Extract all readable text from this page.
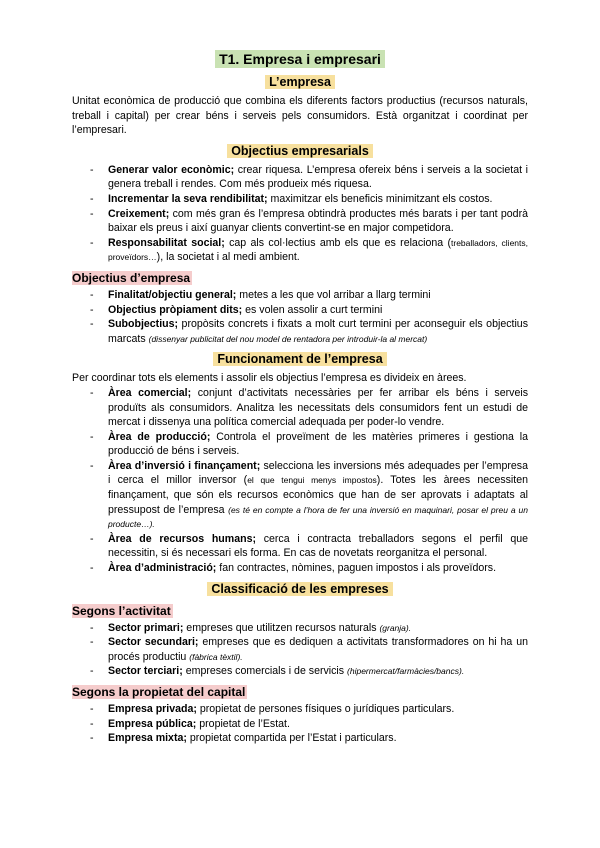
T1. Empresa i empresari
L’empresa

Unitat econòmica de producció que combina els diferents factors productius (recursos naturals, treball i capital) per crear béns i serveis pels consumidors. Està organitzat i coordinat per l’empresari.

Objectius empresarials
- Generar valor econòmic; crear riquesa. L’empresa ofereix béns i serveis a la societat i genera treball i rendes. Com més produeix més riquesa.
- Incrementar la seva rendibilitat; maximitzar els beneficis minimitzant els costos.
- Creixement; com més gran és l’empresa obtindrà productes més barats i per tant podrà baixar els preus i així guanyar clients convertint-se en major competidora.
- Responsabilitat social; cap als col·lectius amb els que es relaciona (treballadors, clients, proveïdors…), la societat i al medi ambient.
Objectius d’empresa
- Finalitat/objectiu general; metes a les que vol arribar a llarg termini
- Objectius pròpiament dits; es volen assolir a curt termini
- Subobjectius; propòsits concrets i fixats a molt curt termini per aconseguir els objectius marcats (dissenyar publicitat del nou model de rentadora per introduir-la al mercat)
Funcionament de l’empresa

Per coordinar tots els elements i assolir els objectius l’empresa es divideix en àrees.

- Àrea comercial; conjunt d’activitats necessàries per fer arribar els béns i serveis produïts als consumidors. Analitza les necessitats dels consumidors fent un estudi de mercat i dissenya una política comercial adequada per poder-lo vendre.
- Àrea de producció; Controla el proveïment de les matèries primeres i gestiona la producció de béns i serveis.
- Àrea d’inversió i finançament; selecciona les inversions més adequades per l’empresa i cerca el millor inversor (el que tengui menys impostos). Totes les àrees necessiten finançament, que són els recursos econòmics que han de ser aprovats i adaptats al pressupost de l’empresa (es té en compte a l’hora de fer una inversió en maquinari, posar el preu a un producte…).
- Àrea de recursos humans; cerca i contracta treballadors segons el perfil que necessitin, si és necessari els forma. En cas de novetats reorganitza el personal.
- Àrea d’administració; fan contractes, nòmines, paguen impostos i als proveïdors.
Classificació de les empreses
Segons l’activitat
- Sector primari; empreses que utilitzen recursos naturals (granja).
- Sector secundari; empreses que es dediquen a activitats transformadores on hi ha un procés productiu (fàbrica tèxtil).
- Sector terciari; empreses comercials i de servicis (hipermercat/farmàcies/bancs).
Segons la propietat del capital
- Empresa privada; propietat de persones físiques o jurídiques particulars.
- Empresa pública; propietat de l’Estat.
- Empresa mixta; propietat compartida per l’Estat i particulars.
